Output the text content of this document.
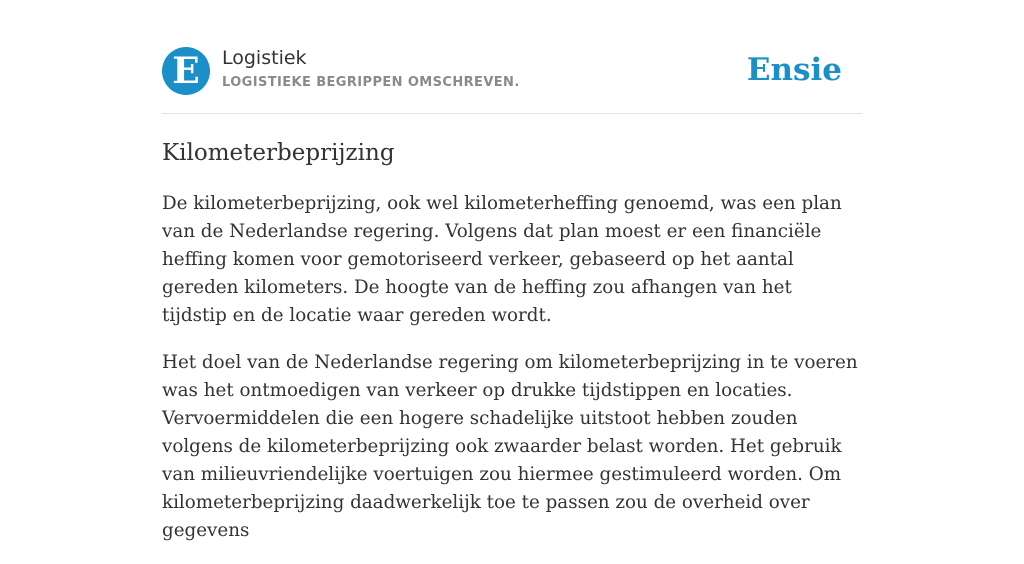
E	Logistiek
LOGISTIEKE BEGRIPPEN OMSCHREVEN.	Ensie
Kilometerbeprijzing

De kilometerbeprijzing, ook wel kilometerheffing genoemd, was een plan van de Nederlandse regering. Volgens dat plan moest er een financiële heffing komen voor gemotoriseerd verkeer, gebaseerd op het aantal gereden kilometers. De hoogte van de heffing zou afhangen van het tijdstip en de locatie waar gereden wordt.

Het doel van de Nederlandse regering om kilometerbeprijzing in te voeren was het ontmoedigen van verkeer op drukke tijdstippen en locaties. Vervoermiddelen die een hogere schadelijke uitstoot hebben zouden volgens de kilometerbeprijzing ook zwaarder belast worden. Het gebruik van milieuvriendelijke voertuigen zou hiermee gestimuleerd worden. Om kilometerbeprijzing daadwerkelijk toe te passen zou de overheid over gegevens
